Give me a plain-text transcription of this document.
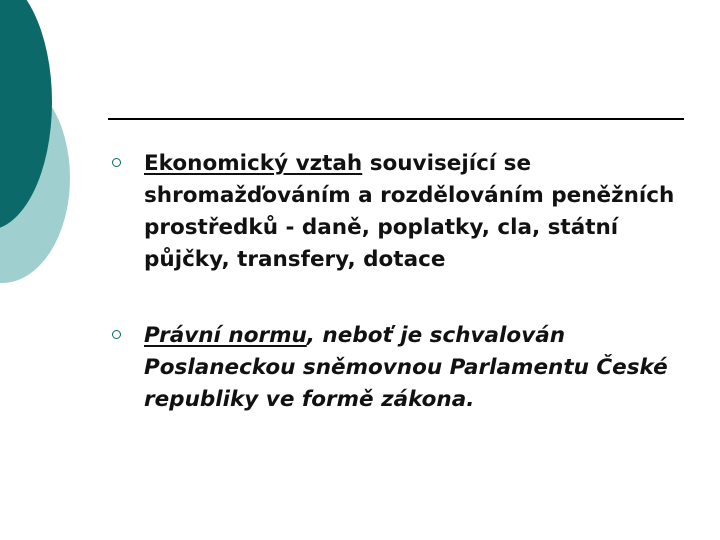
Ekonomický vztah související se shromažďováním a rozdělováním peněžních prostředků - daně, poplatky, cla, státní půjčky, transfery, dotace
Právní normu, neboť je schvalován Poslaneckou sněmovnou Parlamentu České republiky ve formě zákona.
